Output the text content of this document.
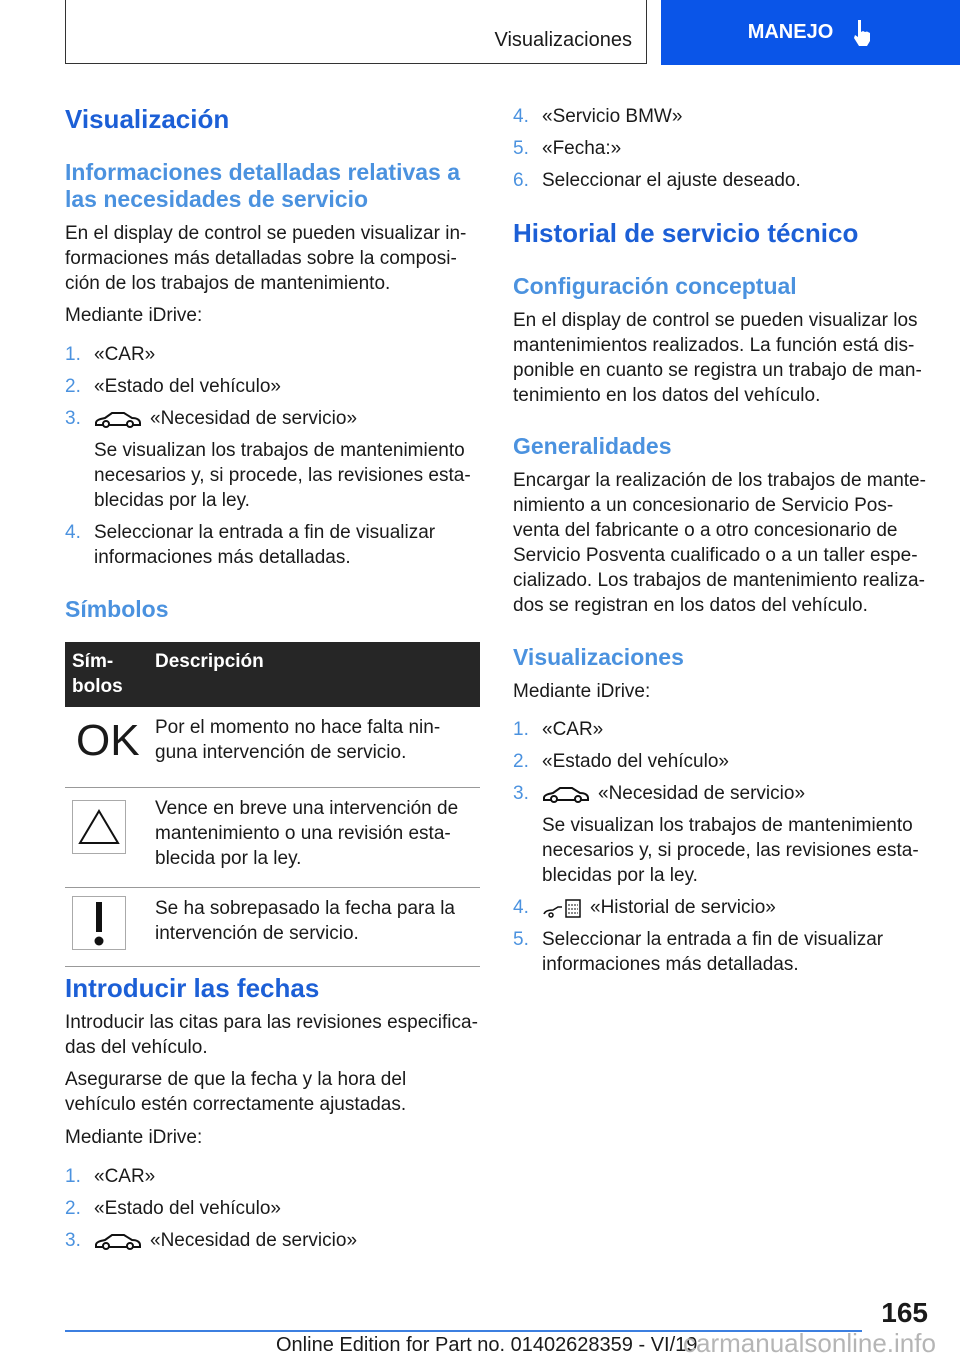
Visualizaciones	MANEJO
Visualización
Informaciones detalladas relativas a las necesidades de servicio
En el display de control se pueden visualizar informaciones más detalladas sobre la composición de los trabajos de mantenimiento.
Mediante iDrive:
1. «CAR»
2. «Estado del vehículo»
3.	«Necesidad de servicio»
Se visualizan los trabajos de mantenimiento necesarios y, si procede, las revisiones establecidas por la ley.
4. Seleccionar la entrada a fin de visualizar informaciones más detalladas.
Símbolos
Símbolos	Descripción
OK	Por el momento no hace falta ninguna intervención de servicio.

	Vence en breve una intervención de mantenimiento o una revisión establecida por la ley.

	Se ha sobrepasado la fecha para la intervención de servicio.
Introducir las fechas
Introducir las citas para las revisiones especificadas del vehículo.
Asegurarse de que la fecha y la hora del vehículo estén correctamente ajustadas.
Mediante iDrive:
1. «CAR»
2. «Estado del vehículo»
3.	«Necesidad de servicio»
4. «Servicio BMW»
5. «Fecha:»
6. Seleccionar el ajuste deseado.
Historial de servicio técnico
Configuración conceptual
En el display de control se pueden visualizar los mantenimientos realizados. La función está disponible en cuanto se registra un trabajo de mantenimiento en los datos del vehículo.
Generalidades
Encargar la realización de los trabajos de mantenimiento a un concesionario de Servicio Posventa del fabricante o a otro concesionario de Servicio Posventa cualificado o a un taller especializado. Los trabajos de mantenimiento realizados se registran en los datos del vehículo.
Visualizaciones
Mediante iDrive:
1. «CAR»
2. «Estado del vehículo»
3.	«Necesidad de servicio»
Se visualizan los trabajos de mantenimiento necesarios y, si procede, las revisiones establecidas por la ley.
4.	«Historial de servicio»
5. Seleccionar la entrada a fin de visualizar informaciones más detalladas.
165
Online Edition for Part no. 01402628359 - VI/19
carmanualsonline.info
